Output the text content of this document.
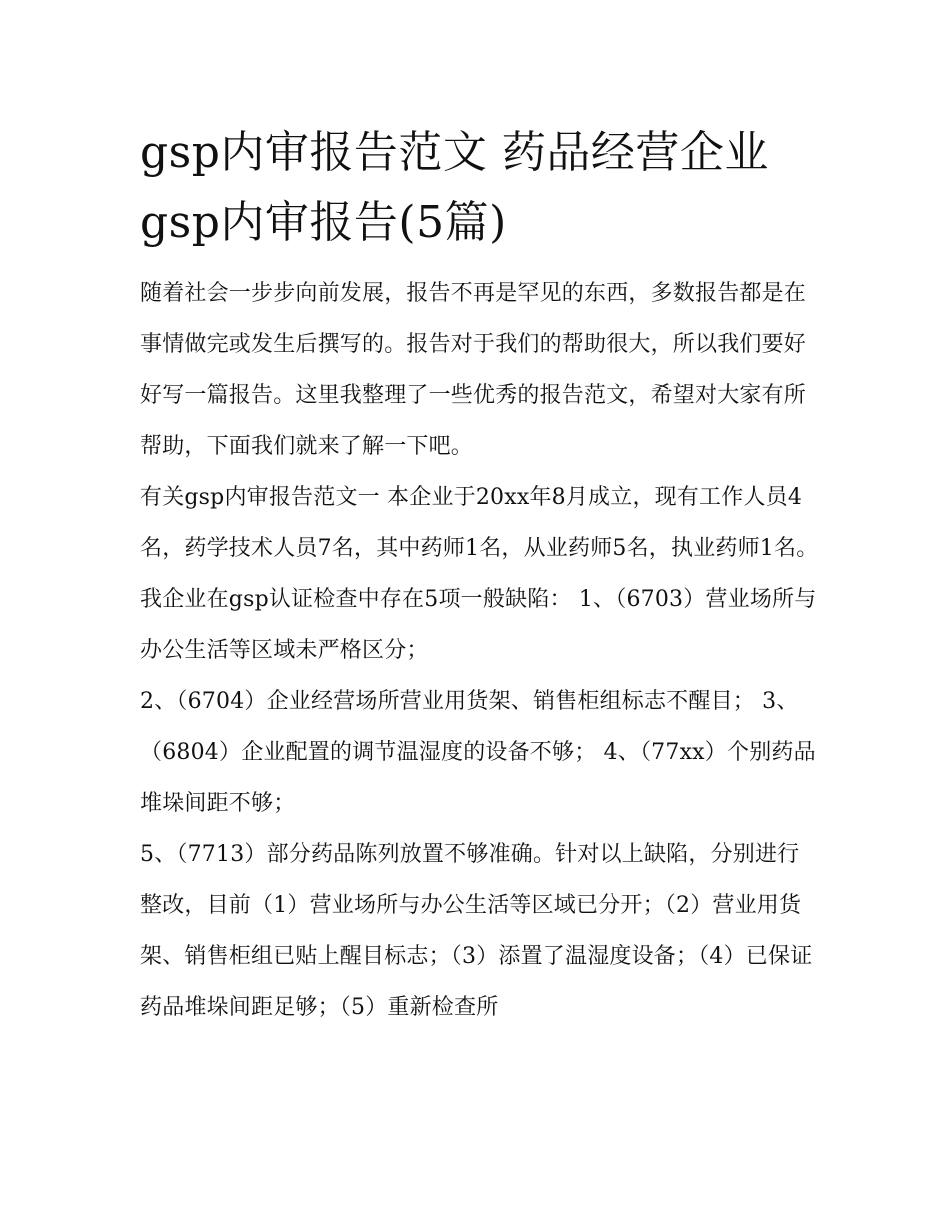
gsp内审报告范文 药品经营企业gsp内审报告(5篇)

随着社会一步步向前发展，报告不再是罕见的东西，多数报告都是在事情做完或发生后撰写的。报告对于我们的帮助很大，所以我们要好好写一篇报告。这里我整理了一些优秀的报告范文，希望对大家有所帮助，下面我们就来了解一下吧。

有关gsp内审报告范文一 本企业于20xx年8月成立，现有工作人员4名，药学技术人员7名，其中药师1名，从业药师5名，执业药师1名。

我企业在gsp认证检查中存在5项一般缺陷： 1、（6703）营业场所与办公生活等区域未严格区分；

2、（6704）企业经营场所营业用货架、销售柜组标志不醒目； 3、（6804）企业配置的调节温湿度的设备不够； 4、（77xx）个别药品堆垛间距不够；

5、（7713）部分药品陈列放置不够准确。针对以上缺陷，分别进行整改，目前（1）营业场所与办公生活等区域已分开；（2）营业用货架、销售柜组已贴上醒目标志；（3）添置了温湿度设备；（4）已保证药品堆垛间距足够；（5）重新检查所
